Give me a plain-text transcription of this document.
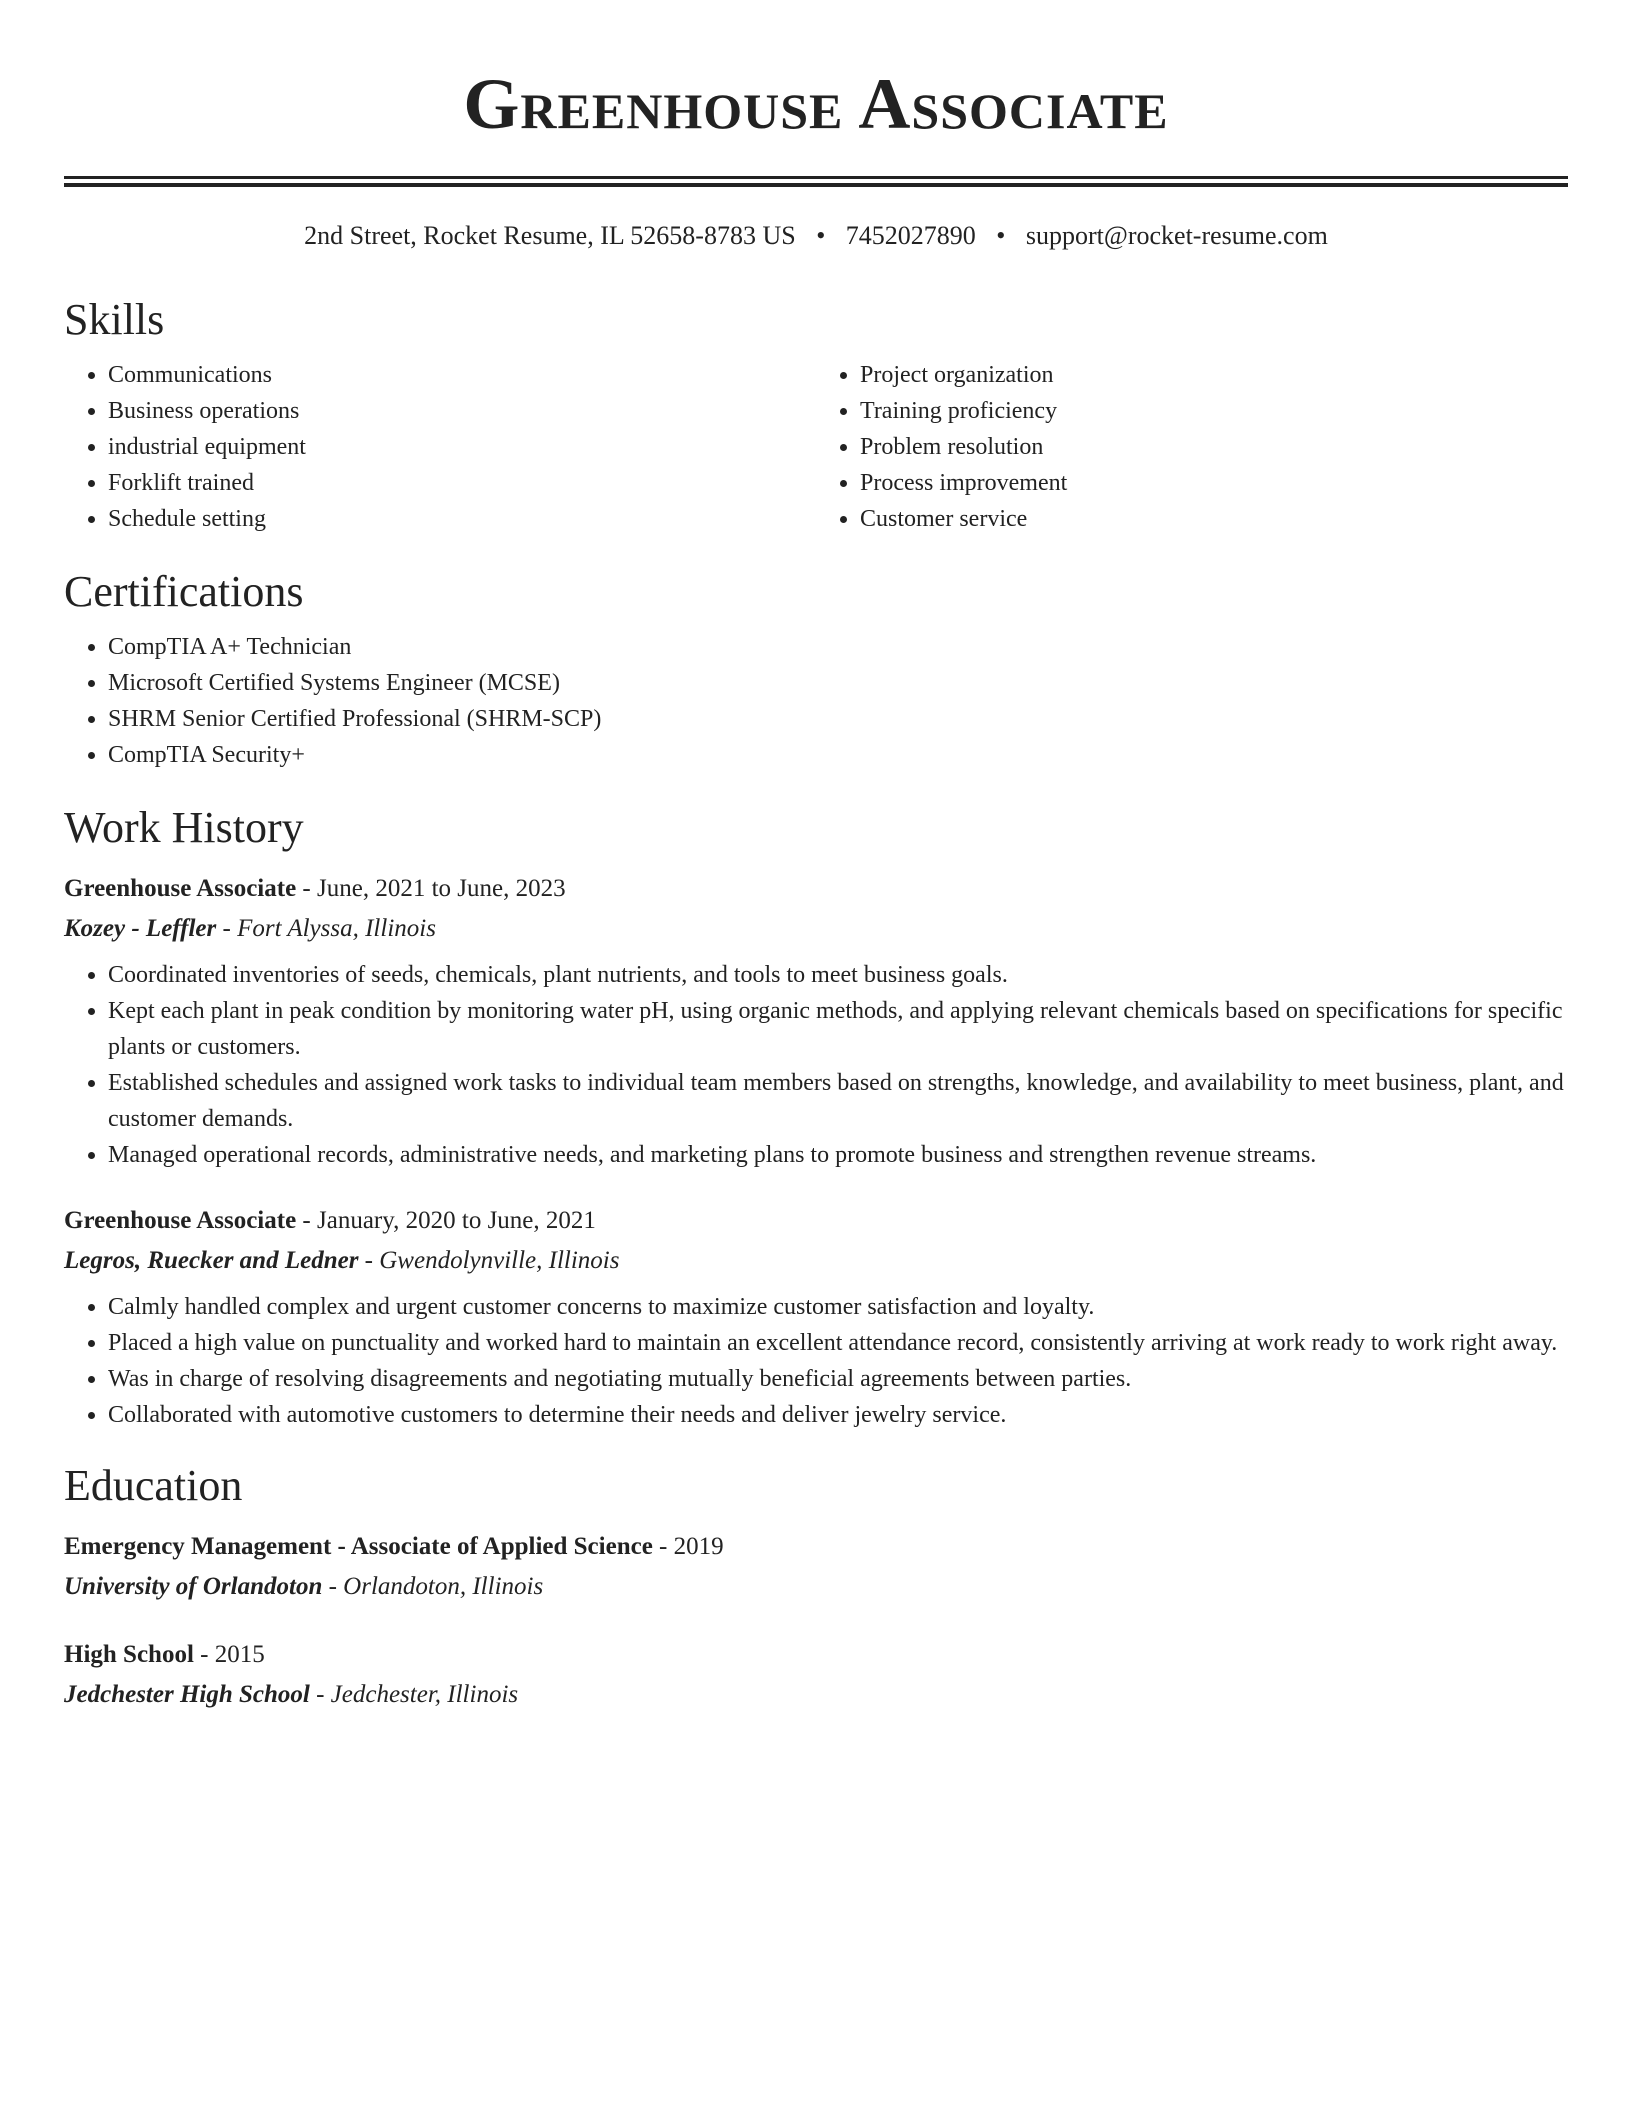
Greenhouse Associate
2nd Street, Rocket Resume, IL 52658-8783 US • 7452027890 • support@rocket-resume.com
Skills
• Communications
• Business operations
• industrial equipment
• Forklift trained
• Schedule setting
• Project organization
• Training proficiency
• Problem resolution
• Process improvement
• Customer service
Certifications
• CompTIA A+ Technician
• Microsoft Certified Systems Engineer (MCSE)
• SHRM Senior Certified Professional (SHRM-SCP)
• CompTIA Security+
Work History
Greenhouse Associate - June, 2021 to June, 2023
Kozey - Leffler - Fort Alyssa, Illinois
• Coordinated inventories of seeds, chemicals, plant nutrients, and tools to meet business goals.
• Kept each plant in peak condition by monitoring water pH, using organic methods, and applying relevant chemicals based on specifications for specific plants or customers.
• Established schedules and assigned work tasks to individual team members based on strengths, knowledge, and availability to meet business, plant, and customer demands.
• Managed operational records, administrative needs, and marketing plans to promote business and strengthen revenue streams.
Greenhouse Associate - January, 2020 to June, 2021
Legros, Ruecker and Ledner - Gwendolynville, Illinois
• Calmly handled complex and urgent customer concerns to maximize customer satisfaction and loyalty.
• Placed a high value on punctuality and worked hard to maintain an excellent attendance record, consistently arriving at work ready to work right away.
• Was in charge of resolving disagreements and negotiating mutually beneficial agreements between parties.
• Collaborated with automotive customers to determine their needs and deliver jewelry service.
Education
Emergency Management - Associate of Applied Science - 2019
University of Orlandoton - Orlandoton, Illinois
High School - 2015
Jedchester High School - Jedchester, Illinois
